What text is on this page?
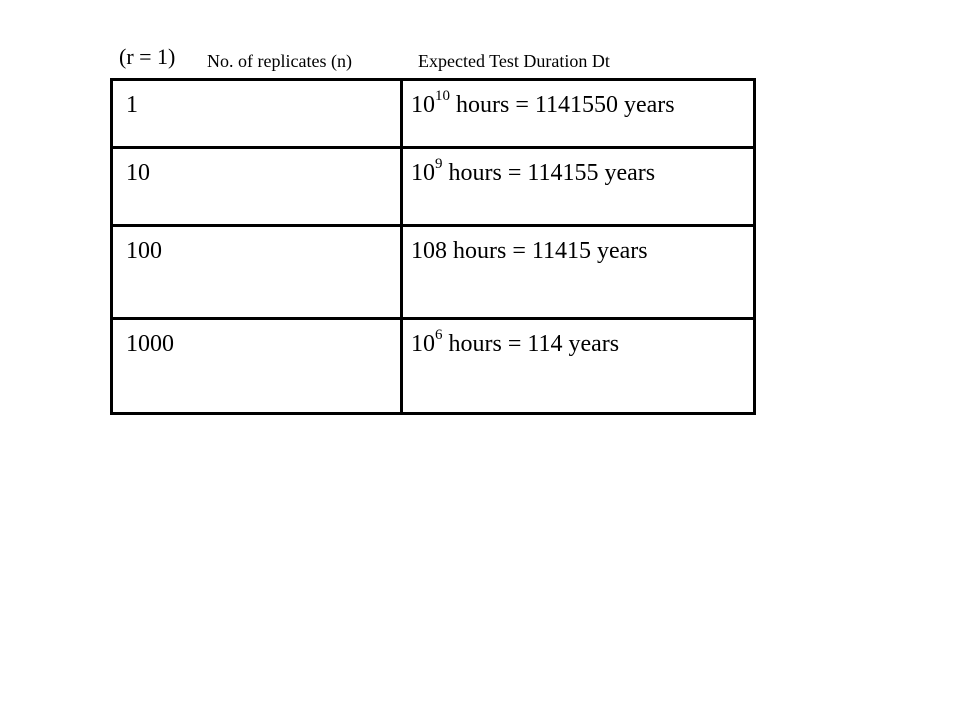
(r = 1) No. of replicates (n)	Expected Test Duration Dt
1	$10^{10}$ hours = 1141550 years
10	$10^9$ hours = 114155 years
100	108 hours = 11415 years
1000	$10^6$ hours = 114 years
